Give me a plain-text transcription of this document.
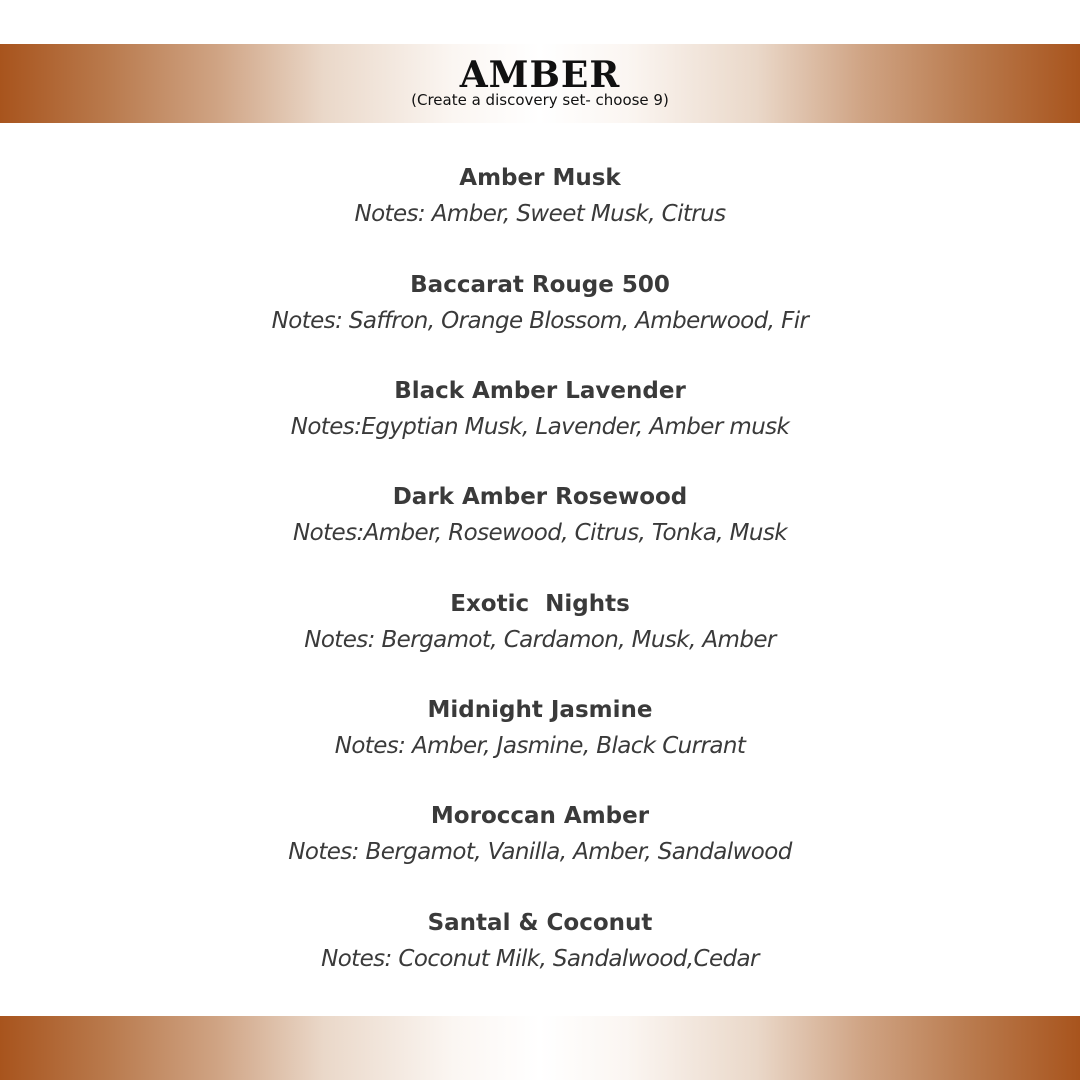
AMBER
(Create a discovery set- choose 9)
Amber Musk
Notes: Amber, Sweet Musk, Citrus
Baccarat Rouge 500
Notes: Saffron, Orange Blossom, Amberwood, Fir
Black Amber Lavender
Notes:Egyptian Musk, Lavender, Amber musk
Dark Amber Rosewood
Notes:Amber, Rosewood, Citrus, Tonka, Musk
Exotic  Nights
Notes: Bergamot, Cardamon, Musk, Amber
Midnight Jasmine
Notes: Amber, Jasmine, Black Currant
Moroccan Amber
Notes: Bergamot, Vanilla, Amber, Sandalwood
Santal & Coconut
Notes: Coconut Milk, Sandalwood,Cedar
